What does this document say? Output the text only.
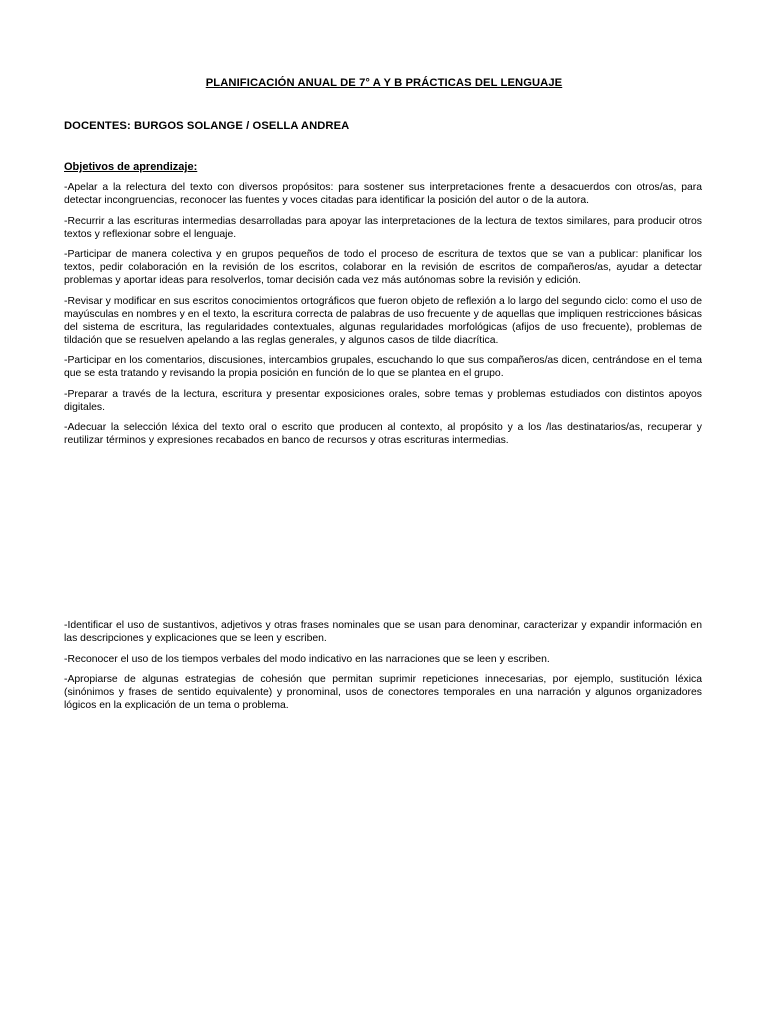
PLANIFICACIÓN ANUAL DE 7° A Y B PRÁCTICAS DEL LENGUAJE
DOCENTES: BURGOS SOLANGE / OSELLA ANDREA
Objetivos de aprendizaje:

-Apelar a la relectura del texto con diversos propósitos: para sostener sus interpretaciones frente a desacuerdos con otros/as, para detectar incongruencias, reconocer las fuentes y voces citadas para identificar la posición del autor o de la autora.

-Recurrir a las escrituras intermedias desarrolladas para apoyar las interpretaciones de la lectura de textos similares, para producir otros textos y reflexionar sobre el lenguaje.

-Participar de manera colectiva y en grupos pequeños de todo el proceso de escritura de textos que se van a publicar: planificar los textos, pedir colaboración en la revisión de los escritos, colaborar en la revisión de escritos de compañeros/as, ayudar a detectar problemas y aportar ideas para resolverlos, tomar decisión cada vez más autónomas sobre la revisión y edición.

-Revisar y modificar en sus escritos conocimientos ortográficos que fueron objeto de reflexión a lo largo del segundo ciclo: como el uso de mayúsculas en nombres y en el texto, la escritura correcta de palabras de uso frecuente y de aquellas que impliquen restricciones básicas del sistema de escritura, las regularidades contextuales, algunas regularidades morfológicas (afijos de uso frecuente), problemas de tildación que se resuelven apelando a las reglas generales, y algunos casos de tilde diacrítica.

-Participar en los comentarios, discusiones, intercambios grupales, escuchando lo que sus compañeros/as dicen, centrándose en el tema que se esta tratando y revisando la propia posición en función de lo que se plantea en el grupo.

-Preparar a través de la lectura, escritura y presentar exposiciones orales, sobre temas y problemas estudiados con distintos apoyos digitales.

-Adecuar la selección léxica del texto oral o escrito que producen al contexto, al propósito y a los /las destinatarios/as, recuperar y reutilizar términos y expresiones recabados en banco de recursos y otras escrituras intermedias.

-Identificar el uso de sustantivos, adjetivos y otras frases nominales que se usan para denominar, caracterizar y expandir información en las descripciones y explicaciones que se leen y escriben.

-Reconocer el uso de los tiempos verbales del modo indicativo en las narraciones que se leen y escriben.

-Apropiarse de algunas estrategias de cohesión que permitan suprimir repeticiones innecesarias, por ejemplo, sustitución léxica (sinónimos y frases de sentido equivalente) y pronominal, usos de conectores temporales en una narración y algunos organizadores lógicos en la explicación de un tema o problema.
